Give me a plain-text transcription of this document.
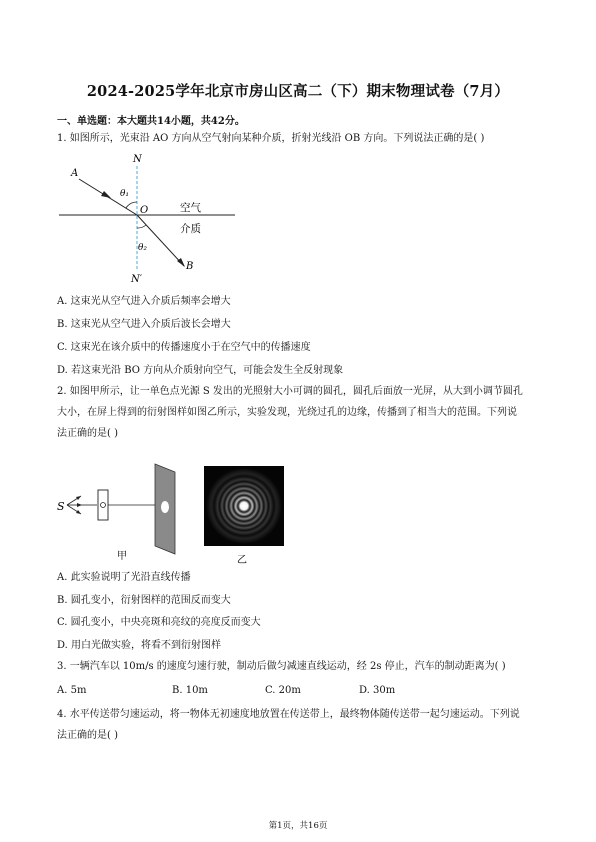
2024-2025学年北京市房山区高二（下）期末物理试卷（7月）
一、单选题：本大题共14小题，共42分。
1. 如图所示，光束沿 AO 方向从空气射向某种介质，折射光线沿 OB 方向。下列说法正确的是( )
N
A
θ₁
O	空气
介质
θ₂
B
N′
A. 这束光从空气进入介质后频率会增大
B. 这束光从空气进入介质后波长会增大
C. 这束光在该介质中的传播速度小于在空气中的传播速度
D. 若这束光沿 BO 方向从介质射向空气，可能会发生全反射现象
2. 如图甲所示，让一单色点光源 S 发出的光照射大小可调的圆孔，圆孔后面放一光屏，从大到小调节圆孔
大小，在屏上得到的衍射图样如图乙所示，实验发现，光绕过孔的边缘，传播到了相当大的范围。下列说
法正确的是( )
S
甲	乙
A. 此实验说明了光沿直线传播
B. 圆孔变小，衍射图样的范围反而变大
C. 圆孔变小，中央亮斑和亮纹的亮度反而变大
D. 用白光做实验，将看不到衍射图样
3. 一辆汽车以 10m/s 的速度匀速行驶，制动后做匀减速直线运动，经 2s 停止，汽车的制动距离为( )
A. 5m	B. 10m	C. 20m	D. 30m
4. 水平传送带匀速运动，将一物体无初速度地放置在传送带上，最终物体随传送带一起匀速运动。下列说
法正确的是( )
第1页，共16页
